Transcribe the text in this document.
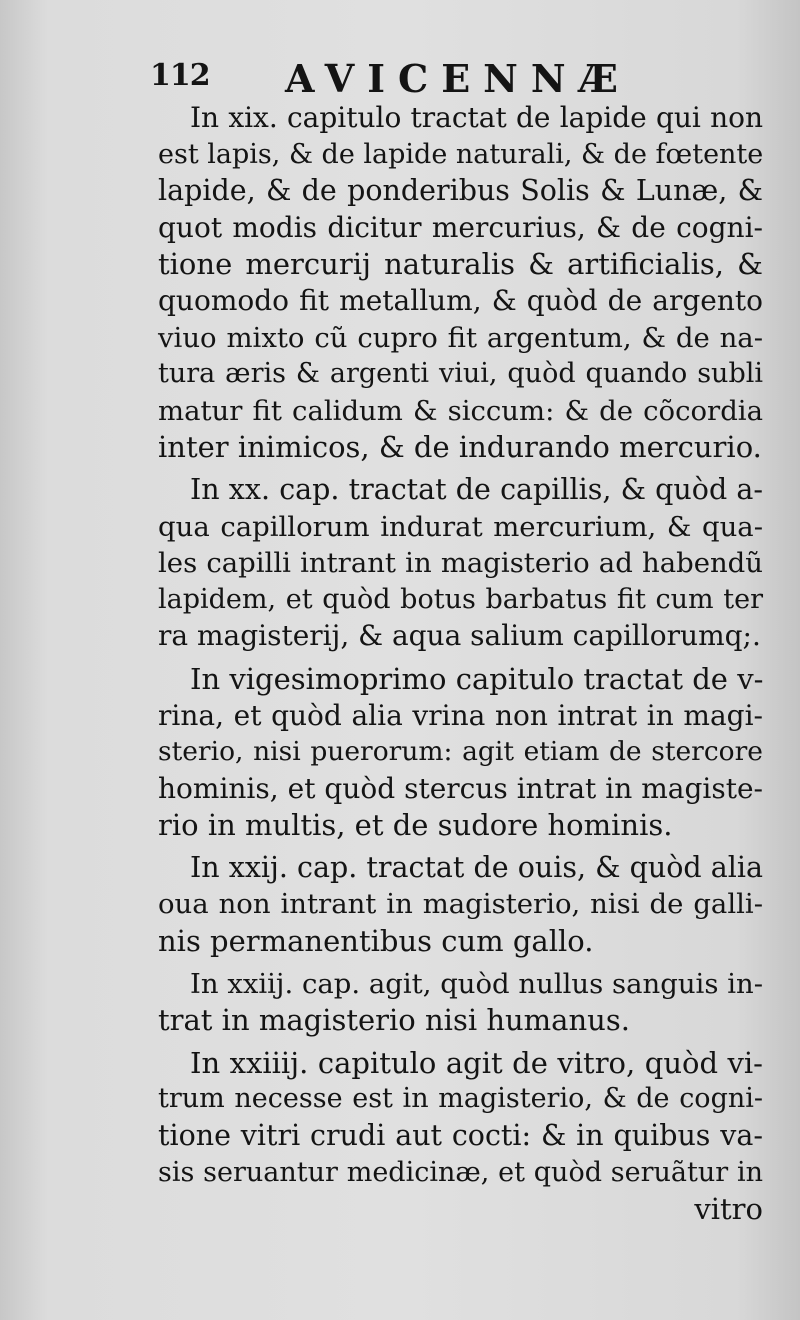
112 AVICENNÆ
In xix. capitulo tractat de lapide qui non
est lapis, & de lapide naturali, & de fœtente
lapide, & de ponderibus Solis & Lunæ, &
quot modis dicitur mercurius, & de cogni-
tione mercurij naturalis & artificialis, &
quomodo fit metallum, & quòd de argento
viuo mixto cũ cupro fit argentum, & de na-
tura æris & argenti viui, quòd quando subli
matur fit calidum & siccum: & de cõcordia
inter inimicos, & de indurando mercurio.
In xx. cap. tractat de capillis, & quòd a-
qua capillorum indurat mercurium, & qua-
les capilli intrant in magisterio ad habendũ
lapidem, et quòd botus barbatus fit cum ter
ra magisterij, & aqua salium capillorumq;.
In vigesimoprimo capitulo tractat de v-
rina, et quòd alia vrina non intrat in magi-
sterio, nisi puerorum: agit etiam de stercore
hominis, et quòd stercus intrat in magiste-
rio in multis, et de sudore hominis.
In xxij. cap. tractat de ouis, & quòd alia
oua non intrant in magisterio, nisi de galli-
nis permanentibus cum gallo.
In xxiij. cap. agit, quòd nullus sanguis in-
trat in magisterio nisi humanus.
In xxiiij. capitulo agit de vitro, quòd vi-
trum necesse est in magisterio, & de cogni-
tione vitri crudi aut cocti: & in quibus va-
sis seruantur medicinæ, et quòd seruãtur in
vitro
